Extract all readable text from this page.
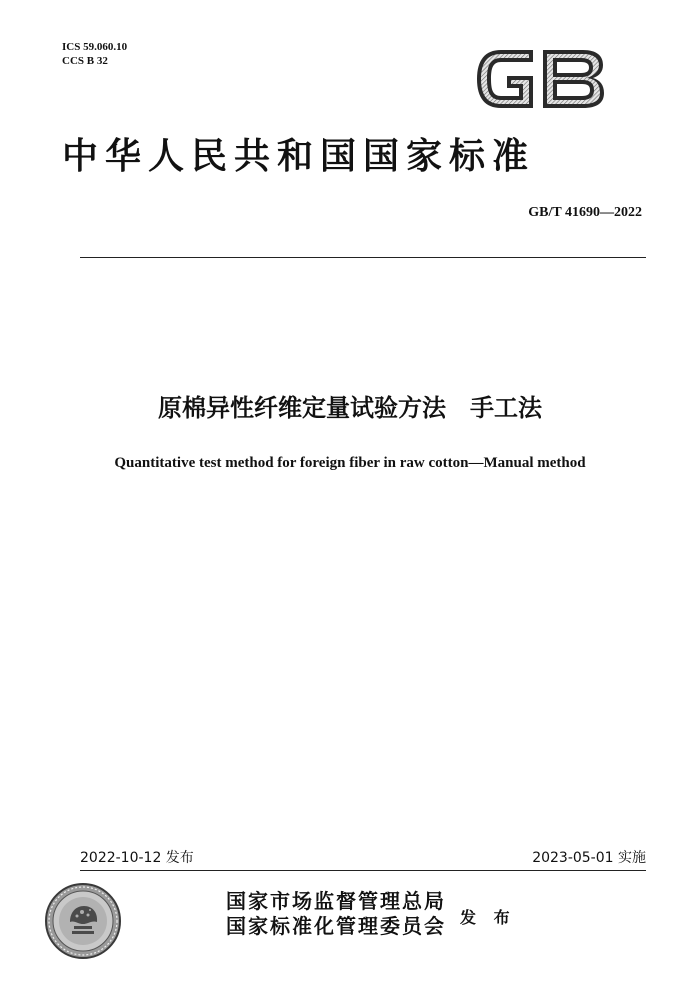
ICS 59.060.10
CCS B 32
中华人民共和国国家标准
GB/T 41690—2022
原棉异性纤维定量试验方法　手工法
Quantitative test method for foreign fiber in raw cotton—Manual method
2022-10-12 发布	2023-05-01 实施
国家市场监督管理总局
国家标准化管理委员会 发 布
